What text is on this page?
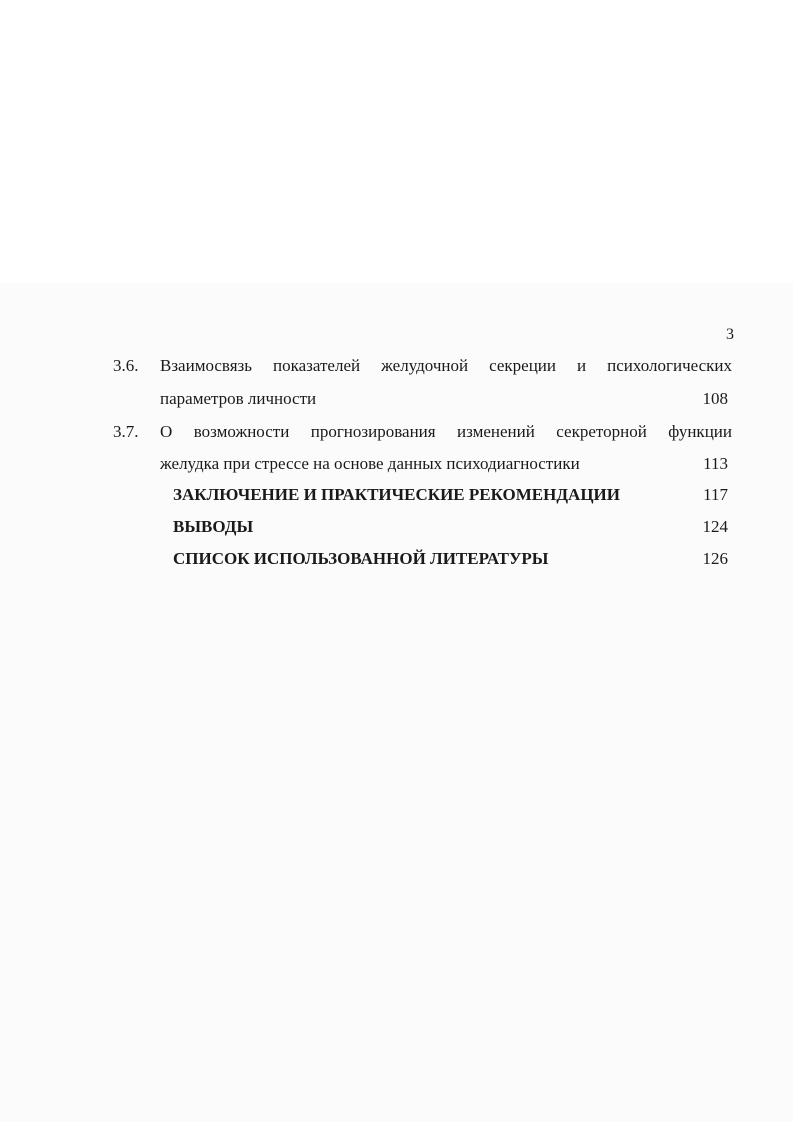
3
3.6. Взаимосвязь показателей желудочной секреции и психологических
параметров личности	108
3.7. О возможности прогнозирования изменений секреторной функции
желудка при стрессе на основе данных психодиагностики	113
ЗАКЛЮЧЕНИЕ И ПРАКТИЧЕСКИЕ РЕКОМЕНДАЦИИ	117
ВЫВОДЫ	124
СПИСОК ИСПОЛЬЗОВАННОЙ ЛИТЕРАТУРЫ	126
